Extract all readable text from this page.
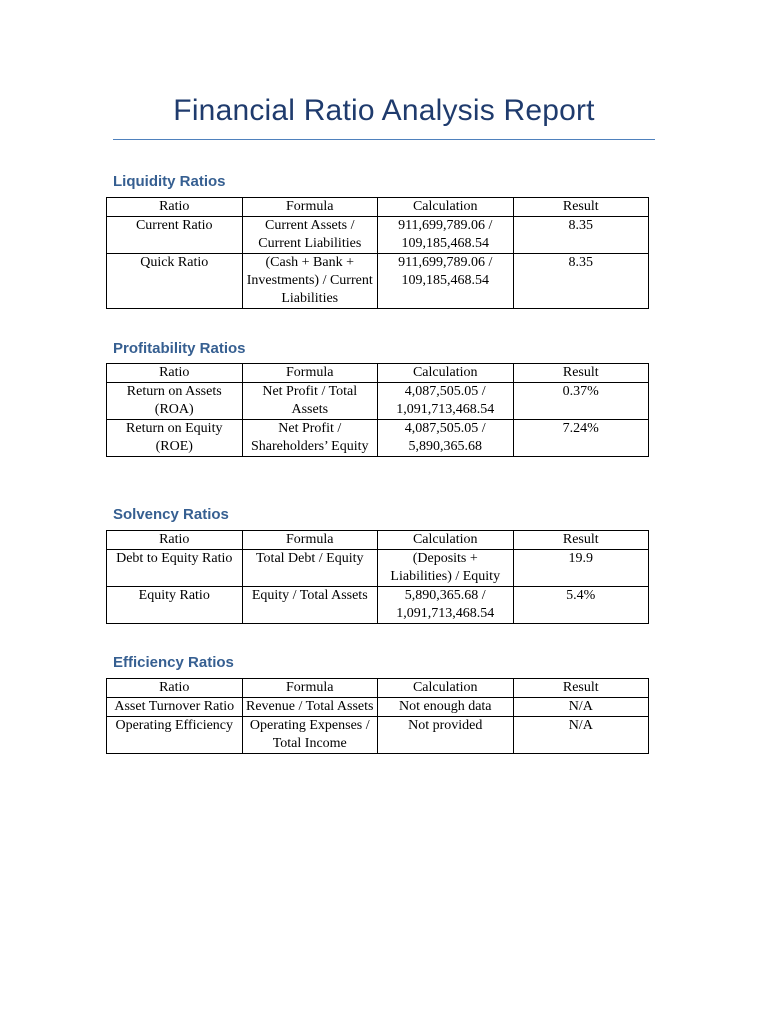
Financial Ratio Analysis Report
Liquidity Ratios
Ratio	Formula	Calculation	Result
Current Ratio	Current Assets / Current Liabilities	911,699,789.06 / 109,185,468.54	8.35
Quick Ratio	(Cash + Bank + Investments) / Current Liabilities	911,699,789.06 / 109,185,468.54	8.35
Profitability Ratios
Ratio	Formula	Calculation	Result
Return on Assets (ROA)	Net Profit / Total Assets	4,087,505.05 / 1,091,713,468.54	0.37%
Return on Equity (ROE)	Net Profit / Shareholders’ Equity	4,087,505.05 / 5,890,365.68	7.24%
Solvency Ratios
Ratio	Formula	Calculation	Result
Debt to Equity Ratio	Total Debt / Equity	(Deposits + Liabilities) / Equity	19.9
Equity Ratio	Equity / Total Assets	5,890,365.68 / 1,091,713,468.54	5.4%
Efficiency Ratios
Ratio	Formula	Calculation	Result
Asset Turnover Ratio	Revenue / Total Assets	Not enough data	N/A
Operating Efficiency	Operating Expenses / Total Income	Not provided	N/A
